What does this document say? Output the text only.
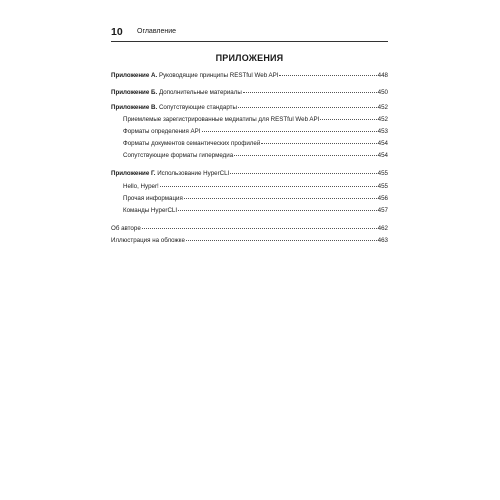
10 Оглавление
ПРИЛОЖЕНИЯ
Приложение А. Руководящие принципы RESTful Web API	448
Приложение Б. Дополнительные материалы	450
Приложение В. Сопутствующие стандарты	452
Приемлемые зарегистрированные медиатипы для RESTful Web API	452
Форматы определения API	453
Форматы документов семантических профилей	454
Сопутствующие форматы гипермедиа	454
Приложение Г. Использование HyperCLI	455
Hello, Hyper!	455
Прочая информация	456
Команды HyperCLI	457
Об авторе	462
Иллюстрация на обложке	463
